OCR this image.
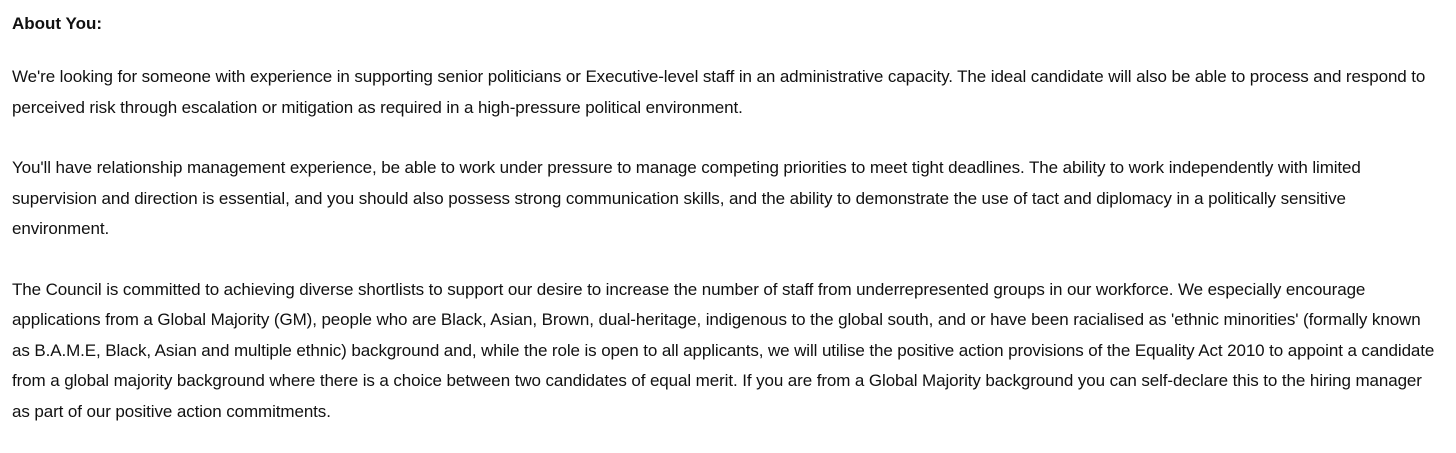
About You:

We're looking for someone with experience in supporting senior politicians or Executive-level staff in an administrative capacity. The ideal candidate will also be able to process and respond to perceived risk through escalation or mitigation as required in a high-pressure political environment.

You'll have relationship management experience, be able to work under pressure to manage competing priorities to meet tight deadlines. The ability to work independently with limited supervision and direction is essential, and you should also possess strong communication skills, and the ability to demonstrate the use of tact and diplomacy in a politically sensitive environment.

The Council is committed to achieving diverse shortlists to support our desire to increase the number of staff from underrepresented groups in our workforce. We especially encourage applications from a Global Majority (GM), people who are Black, Asian, Brown, dual-heritage, indigenous to the global south, and or have been racialised as 'ethnic minorities' (formally known as B.A.M.E, Black, Asian and multiple ethnic) background and, while the role is open to all applicants, we will utilise the positive action provisions of the Equality Act 2010 to appoint a candidate from a global majority background where there is a choice between two candidates of equal merit. If you are from a Global Majority background you can self-declare this to the hiring manager as part of our positive action commitments.
